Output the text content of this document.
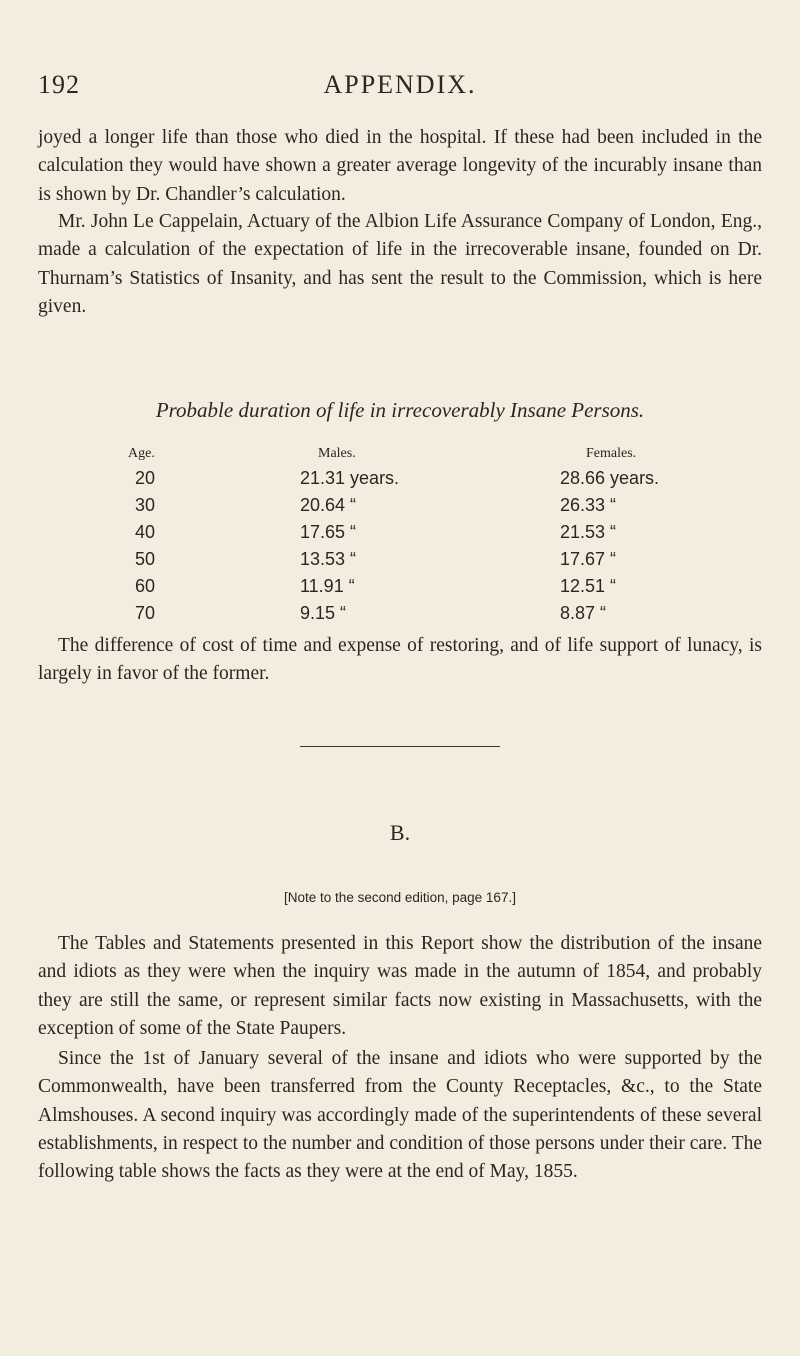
192	APPENDIX.

joyed a longer life than those who died in the hospital. If these had been included in the calculation they would have shown a greater average longevity of the incurably insane than is shown by Dr. Chandler’s calculation.

Mr. John Le Cappelain, Actuary of the Albion Life Assurance Company of London, Eng., made a calculation of the expectation of life in the irrecoverable insane, founded on Dr. Thurnam’s Statistics of Insanity, and has sent the result to the Commission, which is here given.

Probable duration of life in irrecoverably Insane Persons.

Age.	Males.	Females.
20	21.31 years.	28.66 years.
30	20.64 “	26.33 “
40	17.65 “	21.53 “
50	13.53 “	17.67 “
60	11.91 “	12.51 “
70	9.15 “	8.87 “

The difference of cost of time and expense of restoring, and of life support of lunacy, is largely in favor of the former.

B.
[Note to the second edition, page 167.]

The Tables and Statements presented in this Report show the distribution of the insane and idiots as they were when the inquiry was made in the autumn of 1854, and probably they are still the same, or represent similar facts now existing in Massachusetts, with the exception of some of the State Paupers.

Since the 1st of January several of the insane and idiots who were supported by the Commonwealth, have been transferred from the County Receptacles, &c., to the State Almshouses. A second inquiry was accordingly made of the superintendents of these several establishments, in respect to the number and condition of those persons under their care. The following table shows the facts as they were at the end of May, 1855.
